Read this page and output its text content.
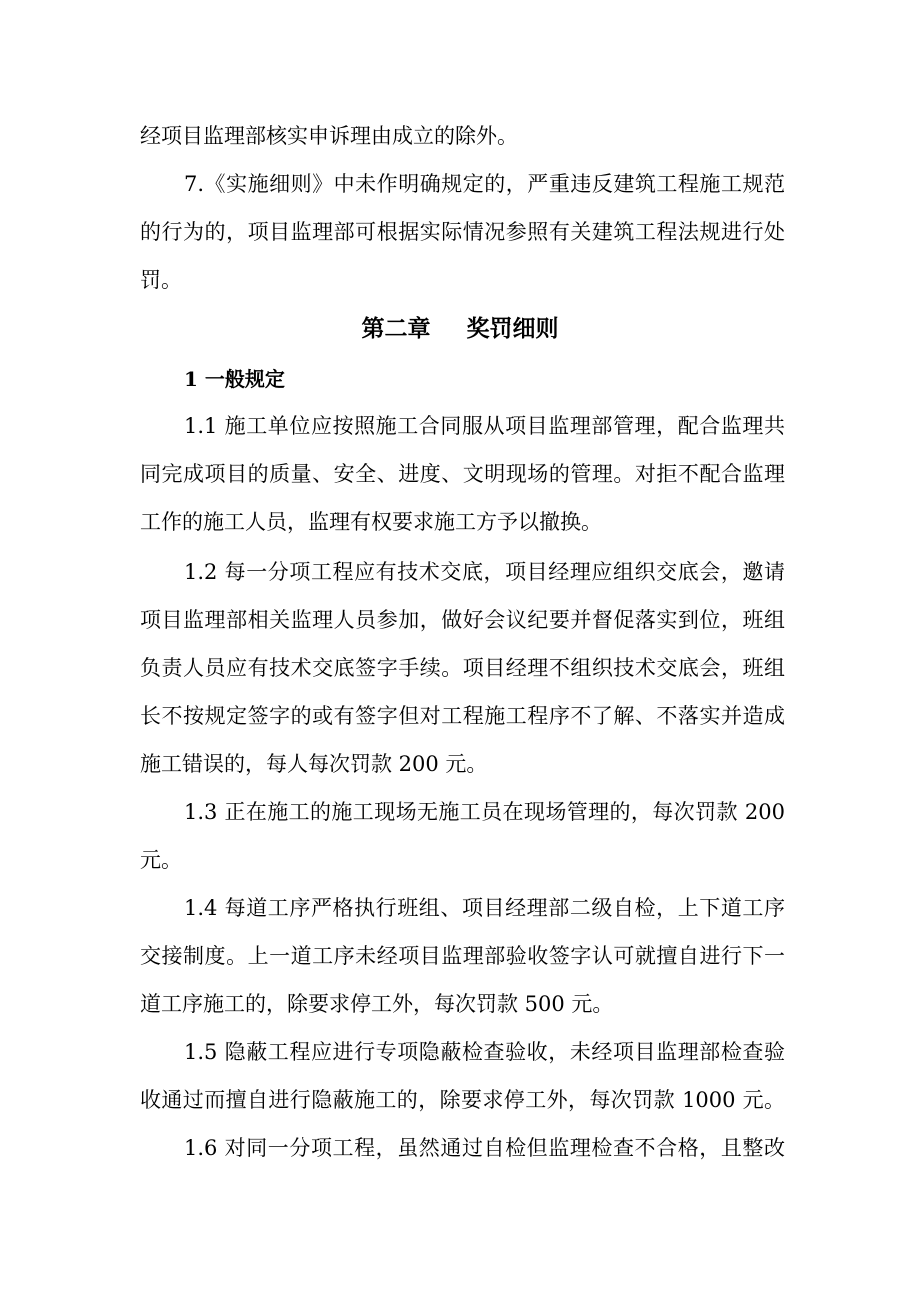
经项目监理部核实申诉理由成立的除外。
7.《实施细则》中未作明确规定的，严重违反建筑工程施工规范
的行为的，项目监理部可根据实际情况参照有关建筑工程法规进行处
罚。
第二章 奖罚细则
1 一般规定
1.1 施工单位应按照施工合同服从项目监理部管理，配合监理共
同完成项目的质量、安全、进度、文明现场的管理。对拒不配合监理
工作的施工人员，监理有权要求施工方予以撤换。
1.2 每一分项工程应有技术交底，项目经理应组织交底会，邀请
项目监理部相关监理人员参加，做好会议纪要并督促落实到位，班组
负责人员应有技术交底签字手续。项目经理不组织技术交底会，班组
长不按规定签字的或有签字但对工程施工程序不了解、不落实并造成
施工错误的，每人每次罚款 200 元。
1.3 正在施工的施工现场无施工员在现场管理的，每次罚款 200
元。
1.4 每道工序严格执行班组、项目经理部二级自检，上下道工序
交接制度。上一道工序未经项目监理部验收签字认可就擅自进行下一
道工序施工的，除要求停工外，每次罚款 500 元。
1.5 隐蔽工程应进行专项隐蔽检查验收，未经项目监理部检查验
收通过而擅自进行隐蔽施工的，除要求停工外，每次罚款 1000 元。
1.6 对同一分项工程，虽然通过自检但监理检查不合格，且整改
